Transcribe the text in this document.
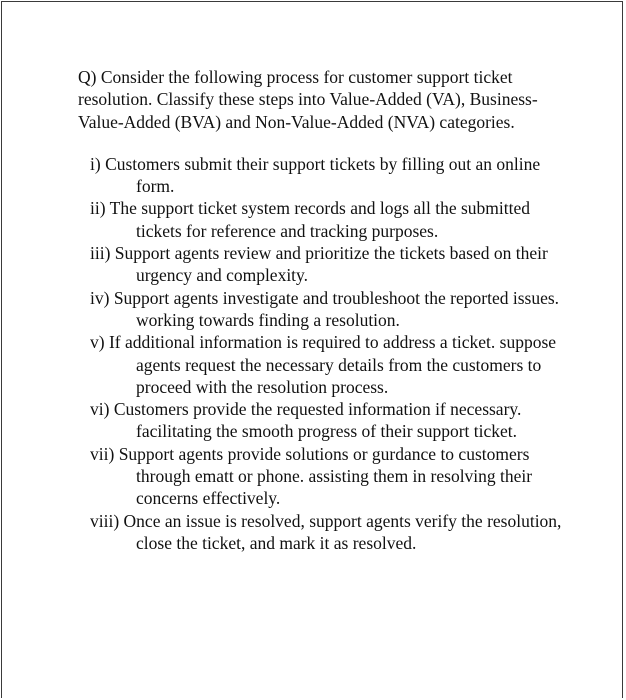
Q) Consider the following process for customer support ticket resolution. Classify these steps into Value-Added (VA), Business-Value-Added (BVA) and Non-Value-Added (NVA) categories.

i) Customers submit their support tickets by filling out an online form.
ii) The support ticket system records and logs all the submitted tickets for reference and tracking purposes.
iii) Support agents review and prioritize the tickets based on their urgency and complexity.
iv) Support agents investigate and troubleshoot the reported issues. working towards finding a resolution.
v) If additional information is required to address a ticket. suppose agents request the necessary details from the customers to proceed with the resolution process.
vi) Customers provide the requested information if necessary. facilitating the smooth progress of their support ticket.
vii) Support agents provide solutions or gurdance to customers through ematt or phone. assisting them in resolving their concerns effectively.
viii) Once an issue is resolved, support agents verify the resolution, close the ticket, and mark it as resolved.
